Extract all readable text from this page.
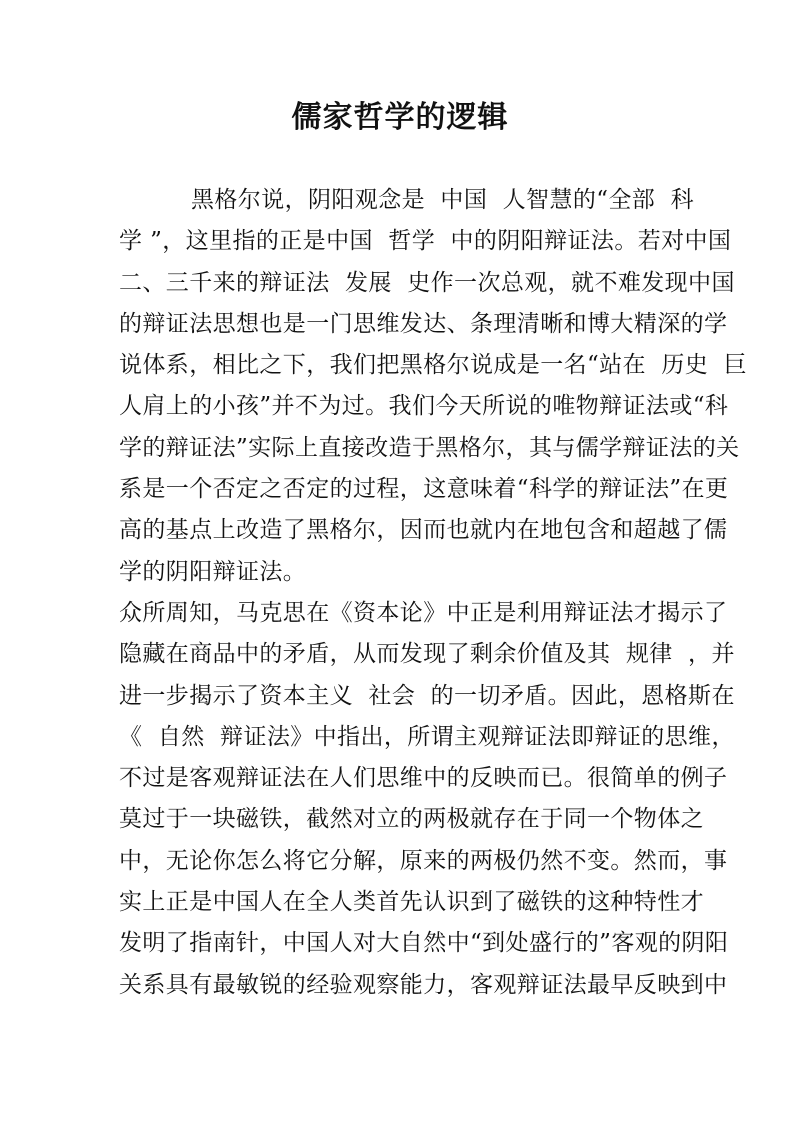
儒家哲学的逻辑
黑格尔说，阴阳观念是  中国  人智慧的“全部  科
学 ”，这里指的正是中国  哲学  中的阴阳辩证法。若对中国
二、三千来的辩证法  发展  史作一次总观，就不难发现中国
的辩证法思想也是一门思维发达、条理清晰和博大精深的学
说体系，相比之下，我们把黑格尔说成是一名“站在  历史  巨
人肩上的小孩”并不为过。我们今天所说的唯物辩证法或“科
学的辩证法”实际上直接改造于黑格尔，其与儒学辩证法的关
系是一个否定之否定的过程，这意味着“科学的辩证法”在更
高的基点上改造了黑格尔，因而也就内在地包含和超越了儒
学的阴阳辩证法。
众所周知，马克思在《资本论》中正是利用辩证法才揭示了
隐藏在商品中的矛盾，从而发现了剩余价值及其  规律  ，并
进一步揭示了资本主义  社会  的一切矛盾。因此，恩格斯在
《  自然  辩证法》中指出，所谓主观辩证法即辩证的思维，
不过是客观辩证法在人们思维中的反映而已。很简单的例子
莫过于一块磁铁，截然对立的两极就存在于同一个物体之
中，无论你怎么将它分解，原来的两极仍然不变。然而，事
实上正是中国人在全人类首先认识到了磁铁的这种特性才
发明了指南针，中国人对大自然中“到处盛行的”客观的阴阳
关系具有最敏锐的经验观察能力，客观辩证法最早反映到中
